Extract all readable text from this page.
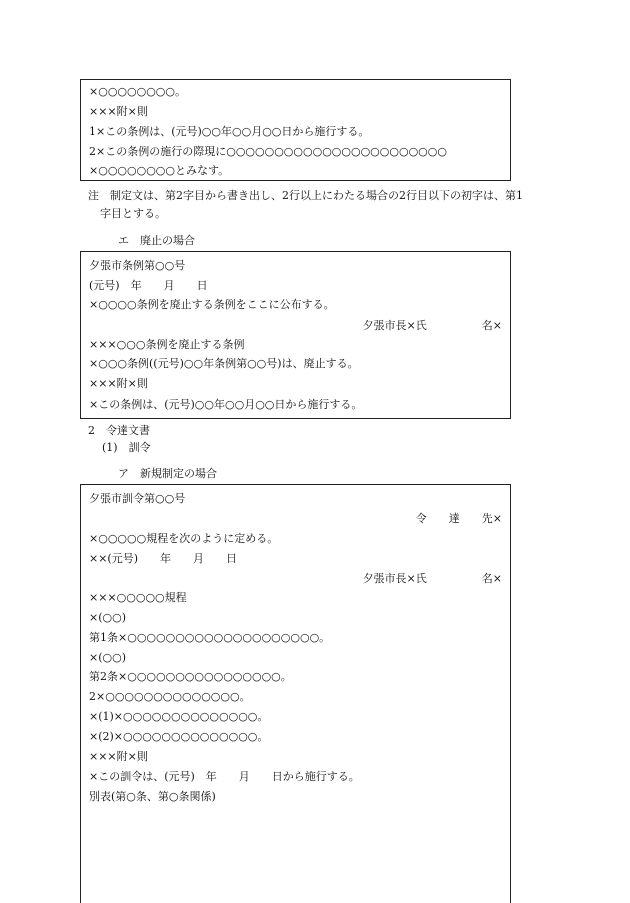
×○○○○○○○○。
×××附×則
1×この条例は、(元号)○○年○○月○○日から施行する。
2×この条例の施行の際現に○○○○○○○○○○○○○○○○○○○○○○○
×○○○○○○○○とみなす。
注　制定文は、第2字目から書き出し、2行以上にわたる場合の2行目以下の初字は、第1
字目とする。
エ　廃止の場合
夕張市条例第○○号
(元号)　年　　月　　日
×○○○○条例を廃止する条例をここに公布する。
夕張市長×氏　　　　　名×
×××○○○条例を廃止する条例
×○○○条例((元号)○○年条例第○○号)は、廃止する。
×××附×則
×この条例は、(元号)○○年○○月○○日から施行する。
2　令達文書
(1)　訓令
ア　新規制定の場合
夕張市訓令第○○号
令　　達　　先×
×○○○○○規程を次のように定める。
××(元号)　　年　　月　　日
夕張市長×氏　　　　　名×
×××○○○○○規程
×(○○)
第1条×○○○○○○○○○○○○○○○○○○○○。
×(○○)
第2条×○○○○○○○○○○○○○○○○。
2×○○○○○○○○○○○○○○。
×(1)×○○○○○○○○○○○○○○。
×(2)×○○○○○○○○○○○○○○。
×××附×則
×この訓令は、(元号)　年　　月　　日から施行する。
別表(第○条、第○条関係)
